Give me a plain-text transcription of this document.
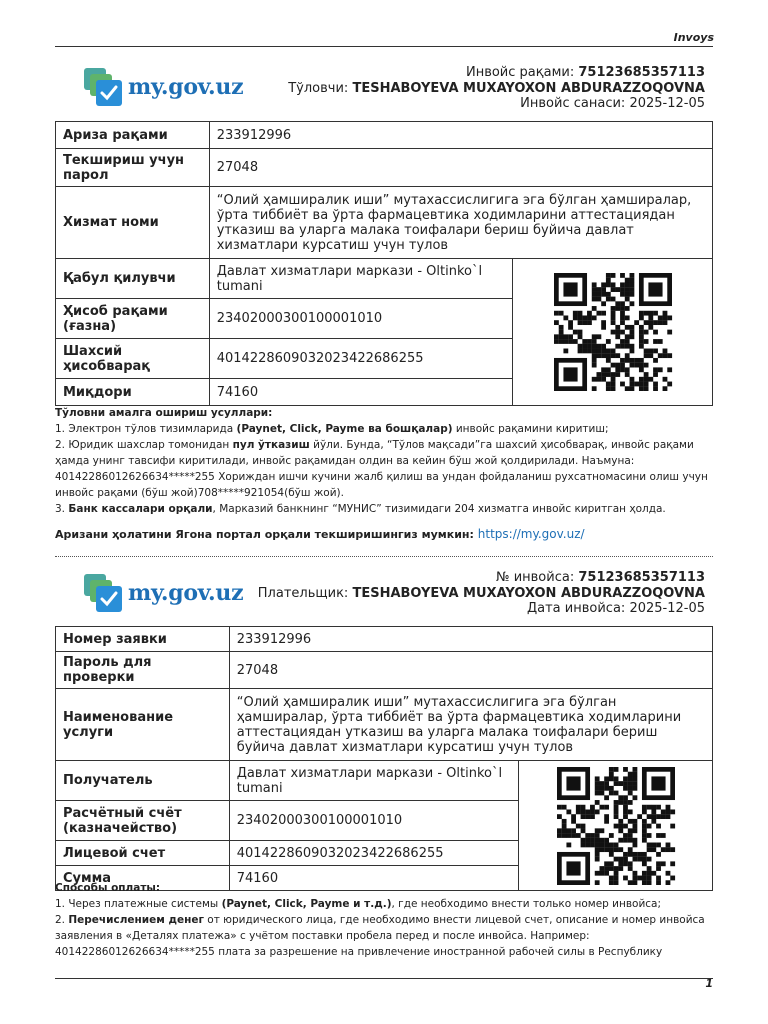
Invoys
my.gov.uz
Инвойс рақами: 75123685357113
Тўловчи: TESHABOYEVA MUXAYOXON ABDURAZZOQOVNA
Инвойс санаси: 2025-12-05
Ариза рақами	233912996	
Текшириш учун парол	27048	
Хизмат номи	“Олий ҳамширалик иши” мутахассислигига эга бўлган ҳамширалар, ўрта тиббиёт ва ўрта фармацевтика ходимларини аттестациядан утказиш ва уларга малака тоифалари бериш буйича давлат хизматлари курсатиш учун тулов	
Қабул қилувчи	Давлат хизматлари маркази - Oltinko`l tumani	

Ҳисоб рақами (ғазна)	23402000300100001010	
Шахсий ҳисобварақ	401422860903202342268625​5	
Миқдори	74160	
Тўловни амалга ошириш усуллари:
1. Электрон тўлов тизимларида (Paynet, Click, Payme ва бошқалар) инвойс рақамини киритиш;
2. Юридик шахслар томонидан пул ўтказиш йўли. Бунда, “Тўлов мақсади”га шахсий ҳисобварақ, инвойс рақами ҳамда унинг тавсифи киритилади, инвойс рақамидан олдин ва кейин бўш жой қолдирилади. Наъмуна: 40142286012626634*****255 Хориждан ишчи кучини жалб қилиш ва ундан фойдаланиш рухсатномасини олиш учун инвойс рақами (бўш жой)708*****921054(бўш жой).
3. Банк кассалари орқали, Марказий банкнинг “МУНИС” тизимидаги 204 хизматга инвойс киритган ҳолда.
Аризани ҳолатини Ягона портал орқали текширишингиз мумкин: https://my.gov.uz/
my.gov.uz
№ инвойса: 75123685357113
Плательщик: TESHABOYEVA MUXAYOXON ABDURAZZOQOVNA
Дата инвойса: 2025-12-05
Номер заявки	233912996	
Пароль для проверки	27048	
Наименование услуги	“Олий ҳамширалик иши” мутахассислигига эга бўлган ҳамширалар, ўрта тиббиёт ва ўрта фармацевтика ходимларини аттестациядан утказиш ва уларга малака тоифалари бериш буйича давлат хизматлари курсатиш учун тулов	
Получатель	Давлат хизматлари маркази - Oltinko`l tumani	

Расчётный счёт (казначейство)	23402000300100001010	
Лицевой счет	401422860903202342268625​5	
Сумма	74160	
Способы оплаты:
1. Через платежные системы (Paynet, Click, Payme и т.д.), где необходимо внести только номер инвойса;
2. Перечислением денег от юридического лица, где необходимо внести лицевой счет, описание и номер инвойса заявления в «Деталях платежа» с учётом поставки пробела перед и после инвойса. Например: 40142286012626634*****255 плата за разрешение на привлечение иностранной рабочей силы в Республику
1
